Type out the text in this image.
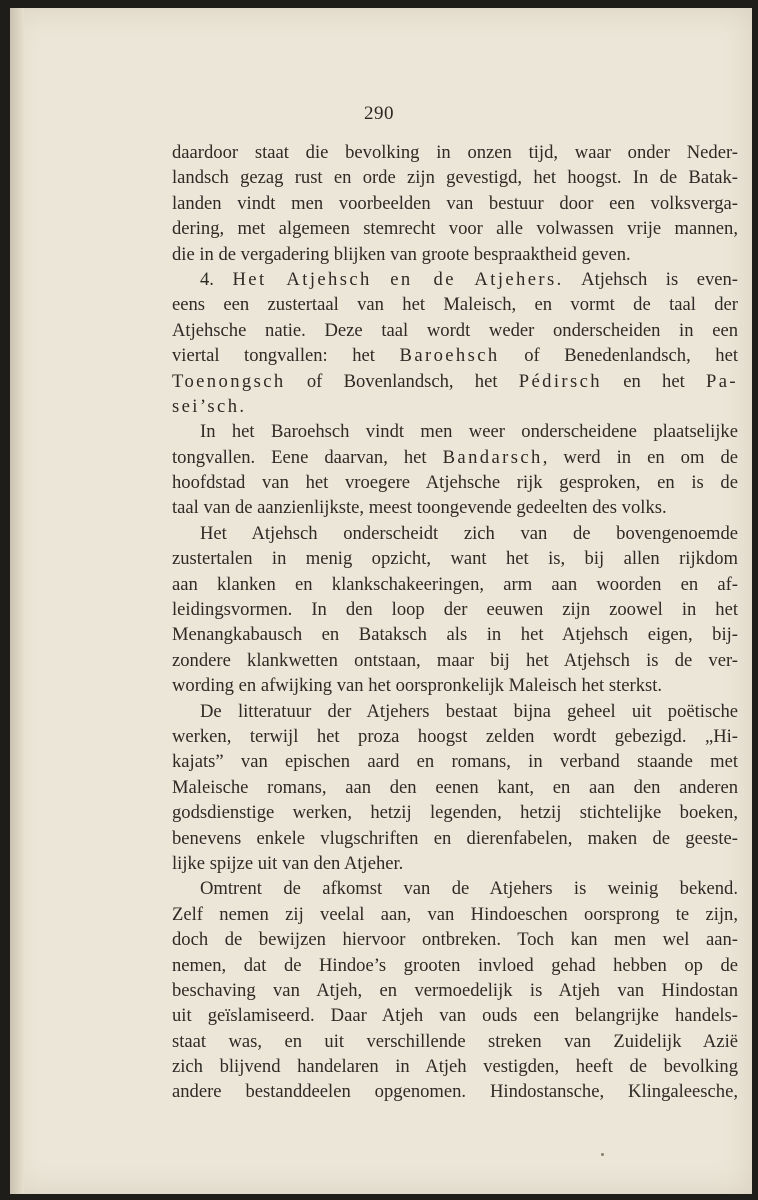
290
daardoor staat die bevolking in onzen tijd, waar onder Neder-
landsch gezag rust en orde zijn gevestigd, het hoogst. In de Batak-
landen vindt men voorbeelden van bestuur door een volksverga-
dering, met algemeen stemrecht voor alle volwassen vrije mannen,
die in de vergadering blijken van groote bespraaktheid geven.
4. Het Atjehsch en de Atjehers. Atjehsch is even-
eens een zustertaal van het Maleisch, en vormt de taal der
Atjehsche natie. Deze taal wordt weder onderscheiden in een
viertal tongvallen: het Baroehsch of Benedenlandsch, het
Toenongsch of Bovenlandsch, het Pédirsch en het Pa-
sei’sch.
In het Baroehsch vindt men weer onderscheidene plaatselijke
tongvallen. Eene daarvan, het Bandarsch, werd in en om de
hoofdstad van het vroegere Atjehsche rijk gesproken, en is de
taal van de aanzienlijkste, meest toongevende gedeelten des volks.
Het Atjehsch onderscheidt zich van de bovengenoemde
zustertalen in menig opzicht, want het is, bij allen rijkdom
aan klanken en klankschakeeringen, arm aan woorden en af-
leidingsvormen. In den loop der eeuwen zijn zoowel in het
Menangkabausch en Bataksch als in het Atjehsch eigen, bij-
zondere klankwetten ontstaan, maar bij het Atjehsch is de ver-
wording en afwijking van het oorspronkelijk Maleisch het sterkst.
De litteratuur der Atjehers bestaat bijna geheel uit poëtische
werken, terwijl het proza hoogst zelden wordt gebezigd. „Hi-
kajats” van epischen aard en romans, in verband staande met
Maleische romans, aan den eenen kant, en aan den anderen
godsdienstige werken, hetzij legenden, hetzij stichtelijke boeken,
benevens enkele vlugschriften en dierenfabelen, maken de geeste-
lijke spijze uit van den Atjeher.
Omtrent de afkomst van de Atjehers is weinig bekend.
Zelf nemen zij veelal aan, van Hindoeschen oorsprong te zijn,
doch de bewijzen hiervoor ontbreken. Toch kan men wel aan-
nemen, dat de Hindoe’s grooten invloed gehad hebben op de
beschaving van Atjeh, en vermoedelijk is Atjeh van Hindostan
uit geïslamiseerd. Daar Atjeh van ouds een belangrijke handels-
staat was, en uit verschillende streken van Zuidelijk Azië
zich blijvend handelaren in Atjeh vestigden, heeft de bevolking
andere bestanddeelen opgenomen. Hindostansche, Klingaleesche,
